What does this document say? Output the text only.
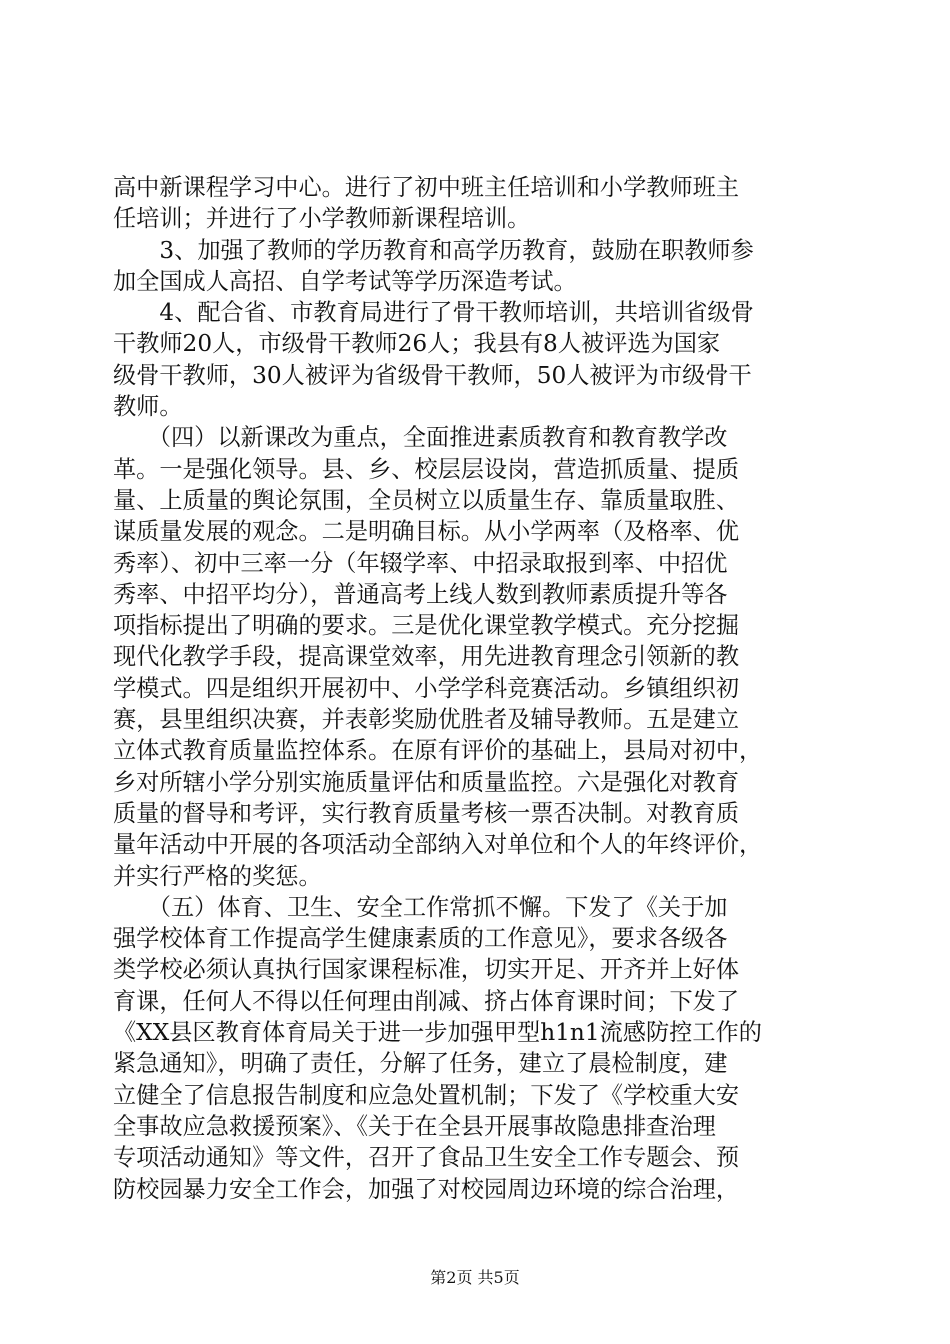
高中新课程学习中心。进行了初中班主任培训和小学教师班主
任培训；并进行了小学教师新课程培训。
　　3、加强了教师的学历教育和高学历教育，鼓励在职教师参
加全国成人高招、自学考试等学历深造考试。
　　4、配合省、市教育局进行了骨干教师培训，共培训省级骨
干教师20人，市级骨干教师26人；我县有8人被评选为国家
级骨干教师，30人被评为省级骨干教师，50人被评为市级骨干
教师。
　　（四）以新课改为重点，全面推进素质教育和教育教学改
革。一是强化领导。县、乡、校层层设岗，营造抓质量、提质
量、上质量的舆论氛围，全员树立以质量生存、靠质量取胜、
谋质量发展的观念。二是明确目标。从小学两率（及格率、优
秀率）、初中三率一分（年辍学率、中招录取报到率、中招优
秀率、中招平均分），普通高考上线人数到教师素质提升等各
项指标提出了明确的要求。三是优化课堂教学模式。充分挖掘
现代化教学手段，提高课堂效率，用先进教育理念引领新的教
学模式。四是组织开展初中、小学学科竞赛活动。乡镇组织初
赛，县里组织决赛，并表彰奖励优胜者及辅导教师。五是建立
立体式教育质量监控体系。在原有评价的基础上，县局对初中，
乡对所辖小学分别实施质量评估和质量监控。六是强化对教育
质量的督导和考评，实行教育质量考核一票否决制。对教育质
量年活动中开展的各项活动全部纳入对单位和个人的年终评价，
并实行严格的奖惩。
　　（五）体育、卫生、安全工作常抓不懈。下发了《关于加
强学校体育工作提高学生健康素质的工作意见》，要求各级各
类学校必须认真执行国家课程标准，切实开足、开齐并上好体
育课，任何人不得以任何理由削减、挤占体育课时间；下发了
《XX县区教育体育局关于进一步加强甲型h1n1流感防控工作的
紧急通知》，明确了责任，分解了任务，建立了晨检制度，建
立健全了信息报告制度和应急处置机制；下发了《学校重大安
全事故应急救援预案》、《关于在全县开展事故隐患排查治理
专项活动通知》等文件，召开了食品卫生安全工作专题会、预
防校园暴力安全工作会，加强了对校园周边环境的综合治理，
第2页 共5页
